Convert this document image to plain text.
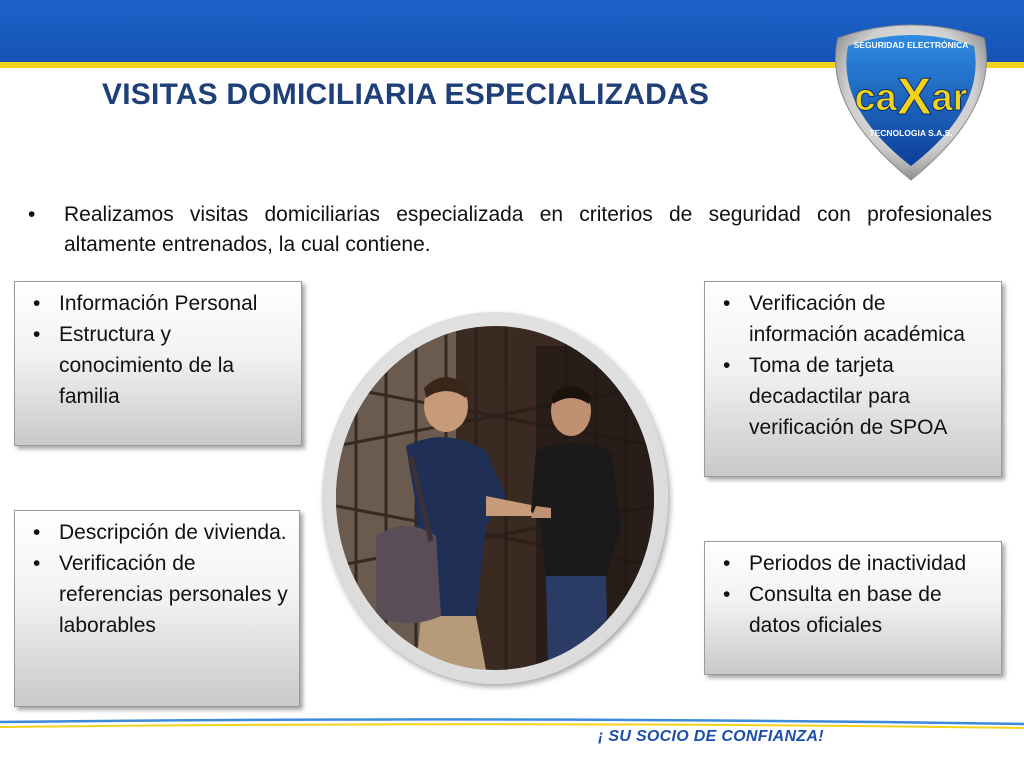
VISITAS DOMICILIARIA ESPECIALIZADAS
SEGURIDAD ELECTRÓNICA
caXar
TECNOLOGIA S.A.S.
•	Realizamos visitas domiciliarias especializada en criterios de seguridad con profesionales altamente entrenados, la cual contiene.
• Información Personal
• Estructura y conocimiento de la familia
• Verificación de información académica
• Toma de tarjeta decadactilar para verificación de SPOA
• Descripción de vivienda.
• Verificación de referencias personales y laborables
• Periodos de inactividad
• Consulta en base de datos oficiales
¡ SU SOCIO DE CONFIANZA!
